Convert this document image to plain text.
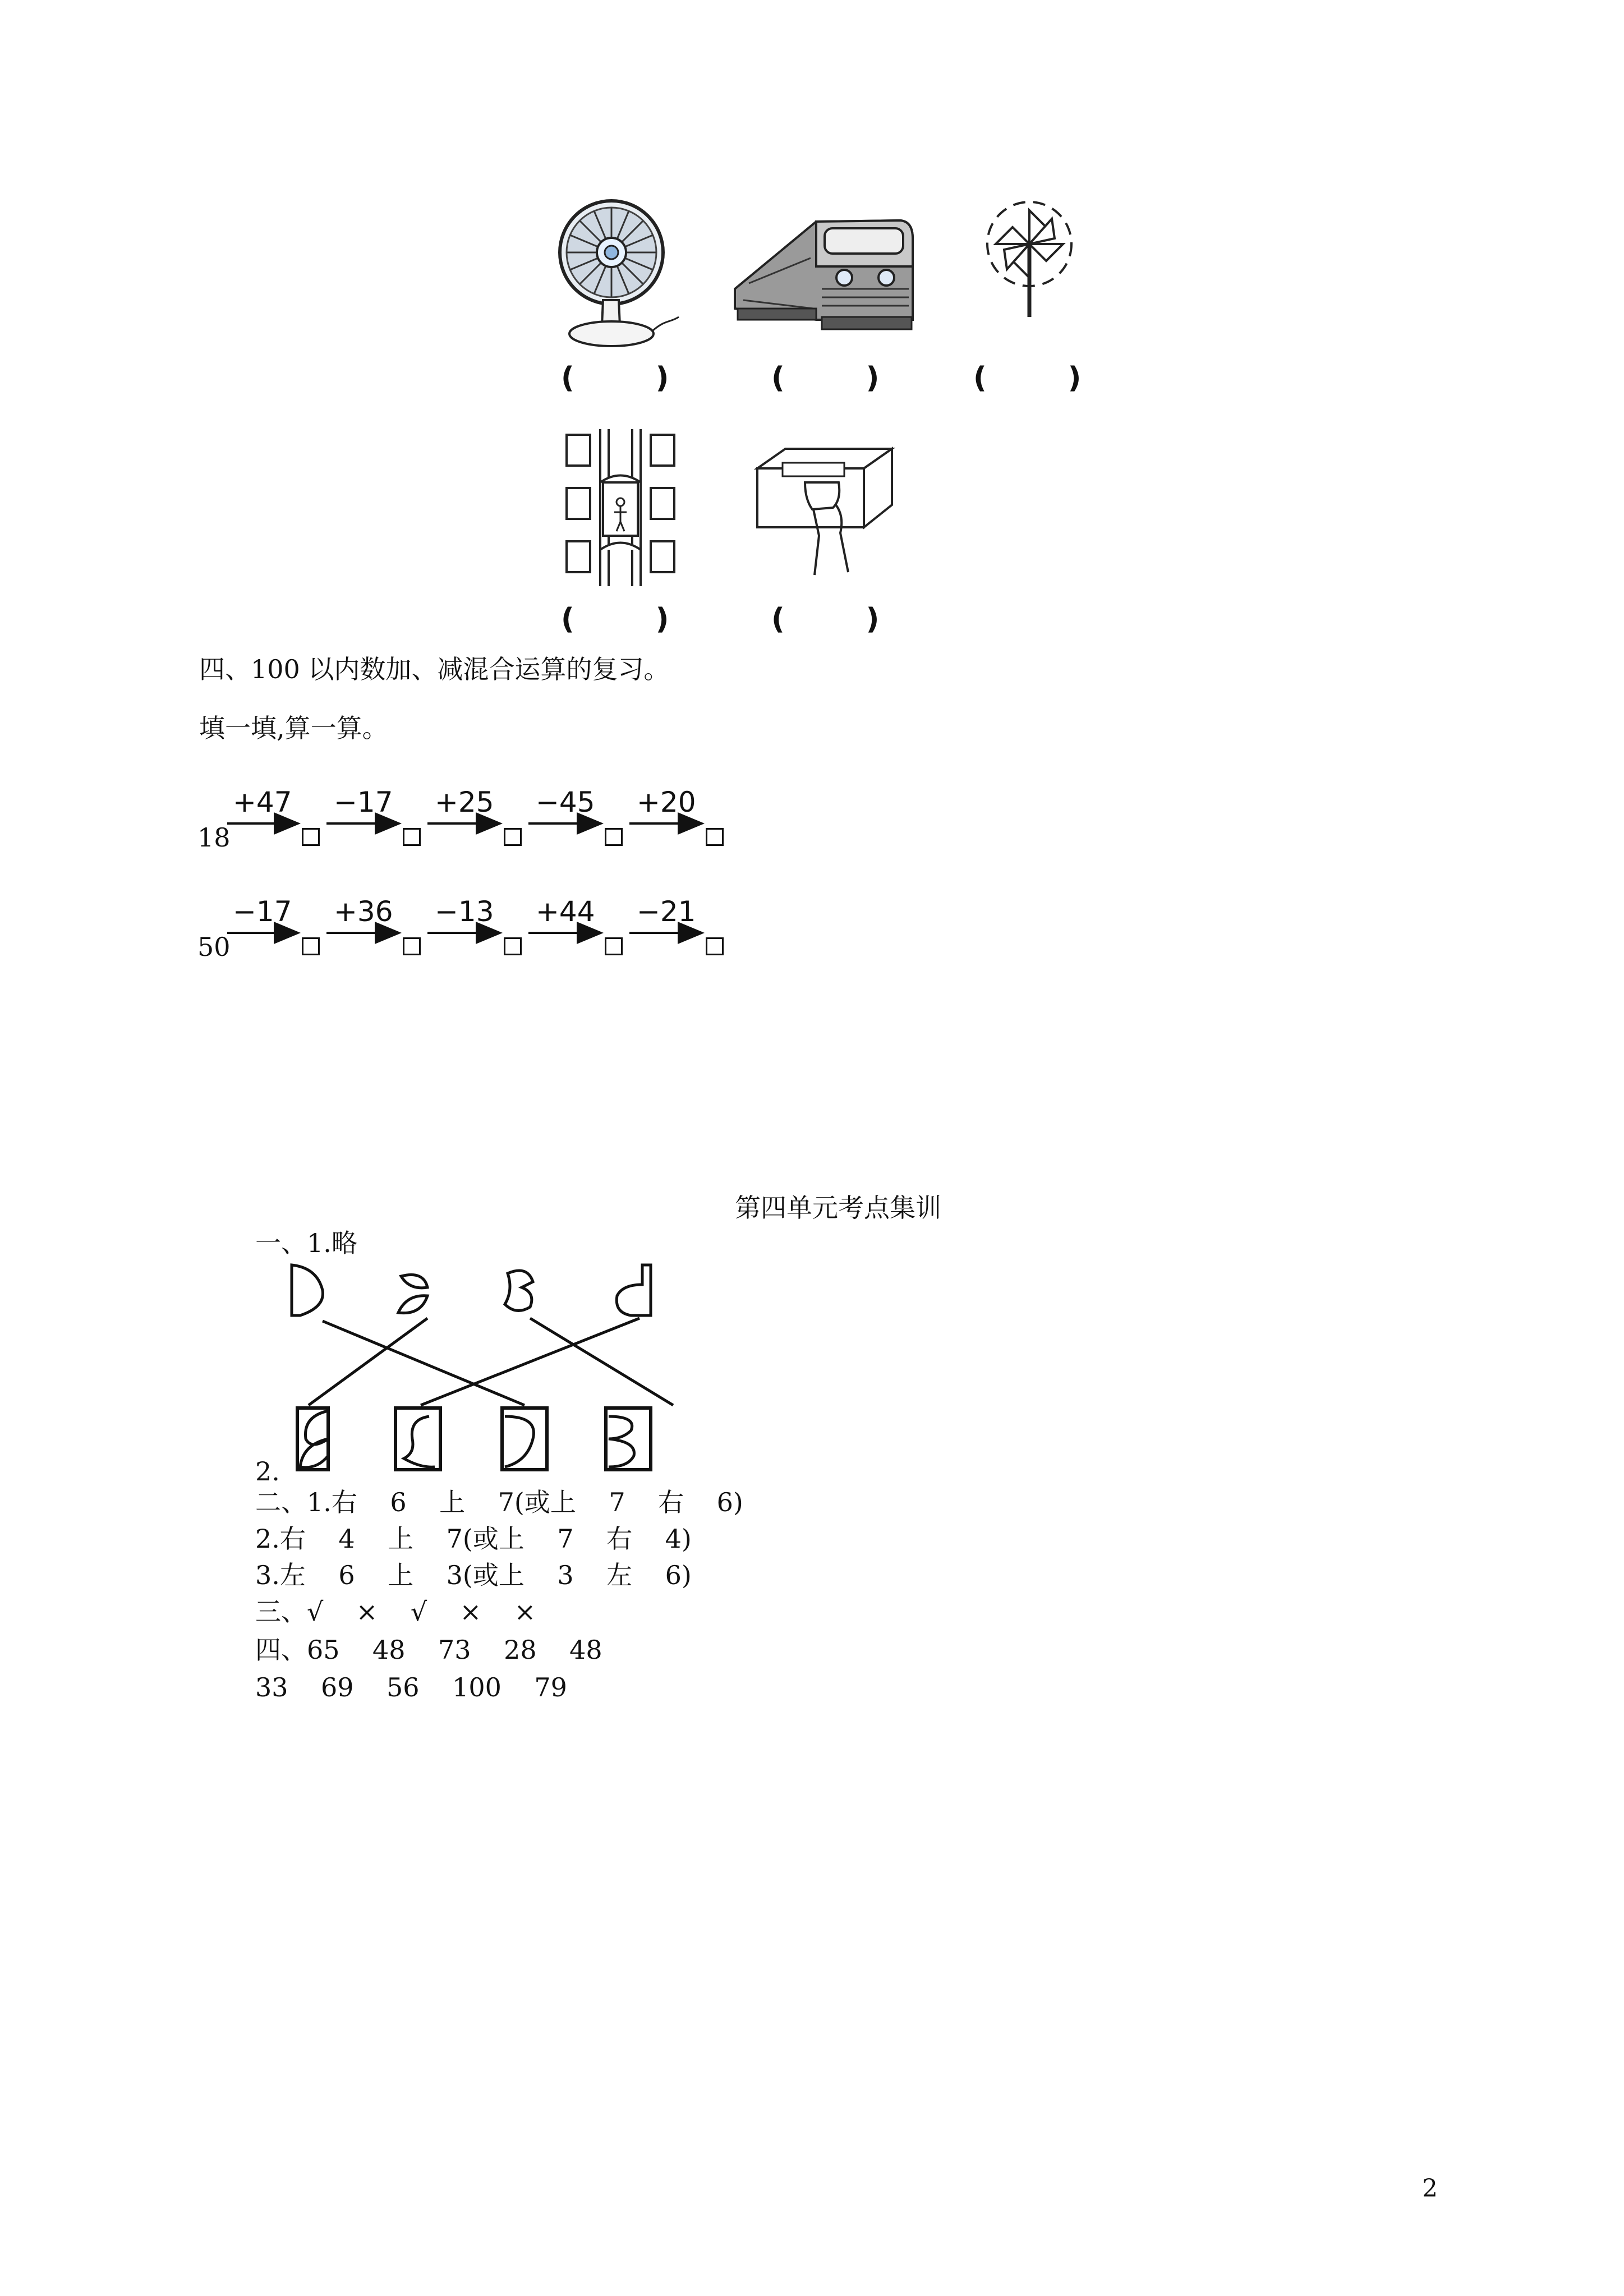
(        )	(        )	(        )
(        )	(        )
四、100 以内数加、减混合运算的复习。
填一填,算一算。
18
+47 −17 +25 −45 +20
50
−17 +36 −13 +44 −21
第四单元考点集训
一、1.略
2.
二、1.右    6    上    7(或上    7    右    6)
2.右    4    上    7(或上    7    右    4)
3.左    6    上    3(或上    3    左    6)
三、√    ×    √    ×    ×
四、65    48    73    28    48
33    69    56    100    79
2
